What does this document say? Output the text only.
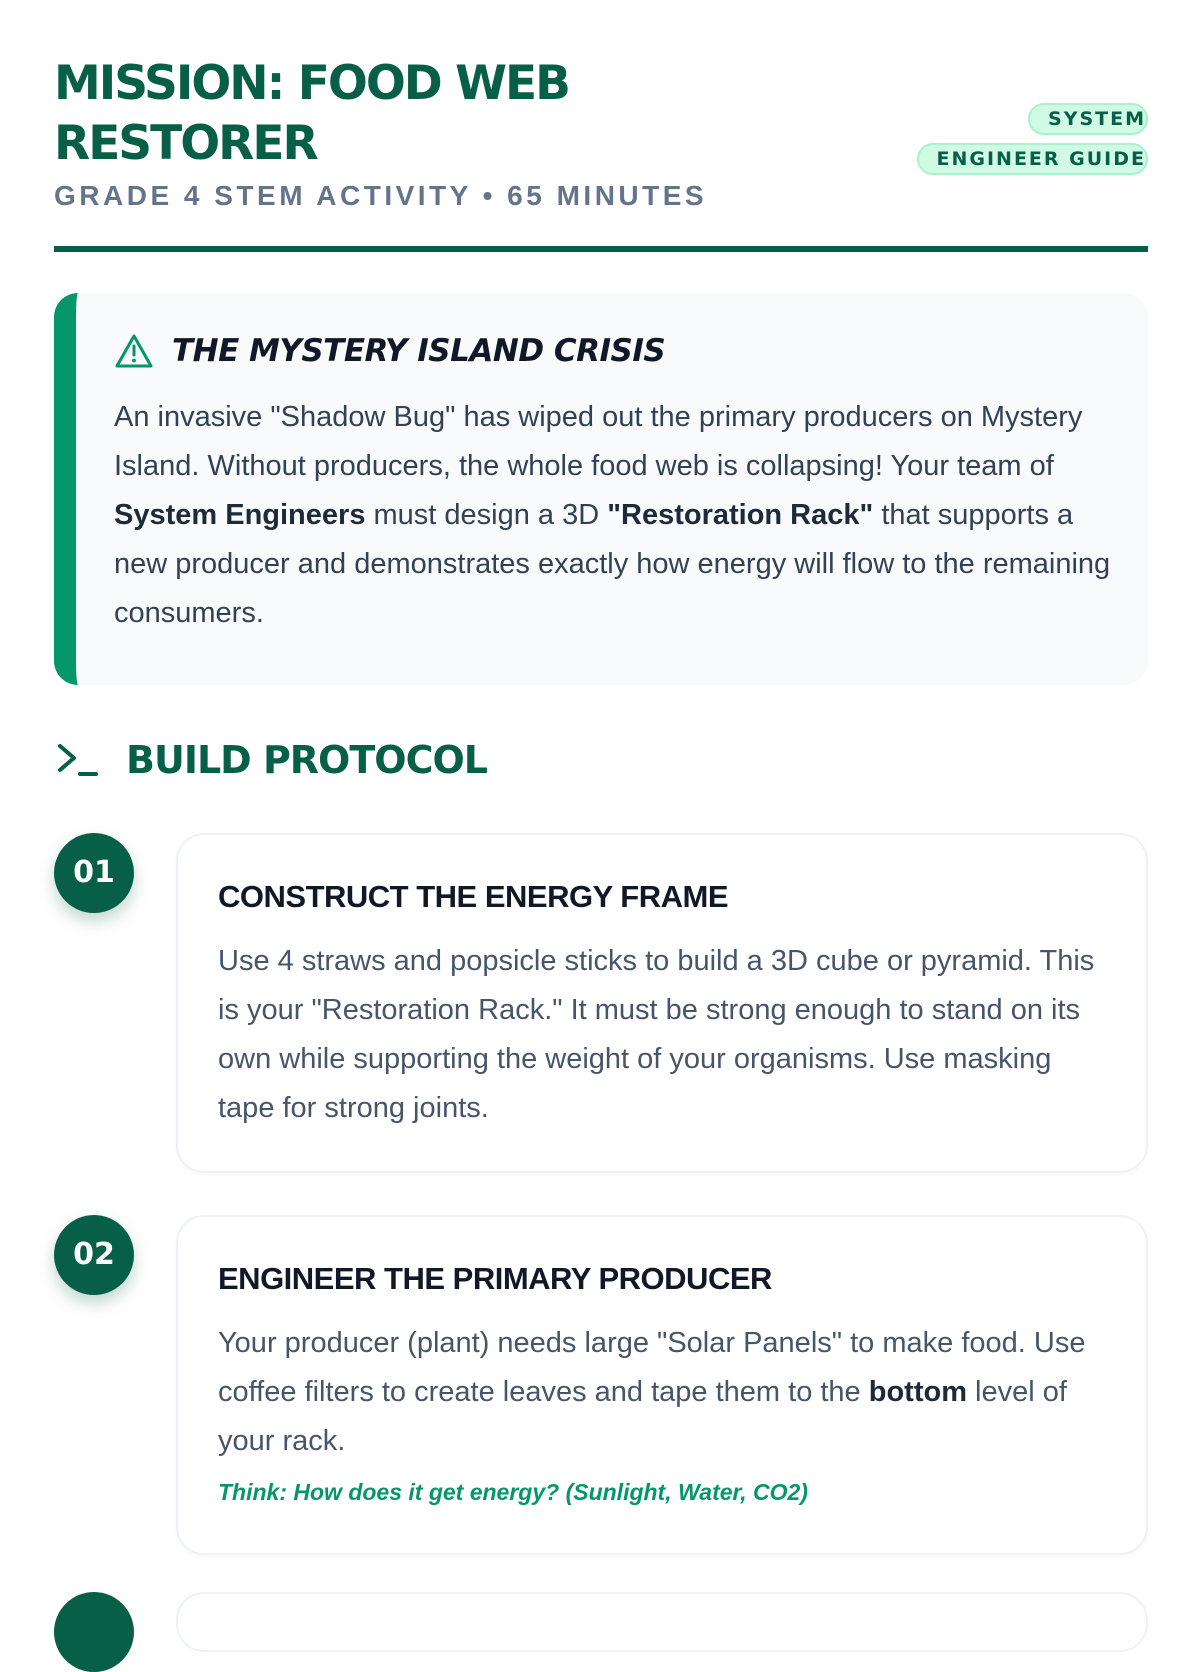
MISSION: FOOD WEB RESTORER
GRADE 4 STEM ACTIVITY • 65 MINUTES
SYSTEM ENGINEER GUIDE
THE MYSTERY ISLAND CRISIS
An invasive "Shadow Bug" has wiped out the primary producers on Mystery Island. Without producers, the whole food web is collapsing! Your team of System Engineers must design a 3D "Restoration Rack" that supports a new producer and demonstrates exactly how energy will flow to the remaining consumers.
BUILD PROTOCOL
01
CONSTRUCT THE ENERGY FRAME
Use 4 straws and popsicle sticks to build a 3D cube or pyramid. This is your "Restoration Rack." It must be strong enough to stand on its own while supporting the weight of your organisms. Use masking tape for strong joints.
02
ENGINEER THE PRIMARY PRODUCER
Your producer (plant) needs large "Solar Panels" to make food. Use coffee filters to create leaves and tape them to the bottom level of your rack.
Think: How does it get energy? (Sunlight, Water, CO2)
